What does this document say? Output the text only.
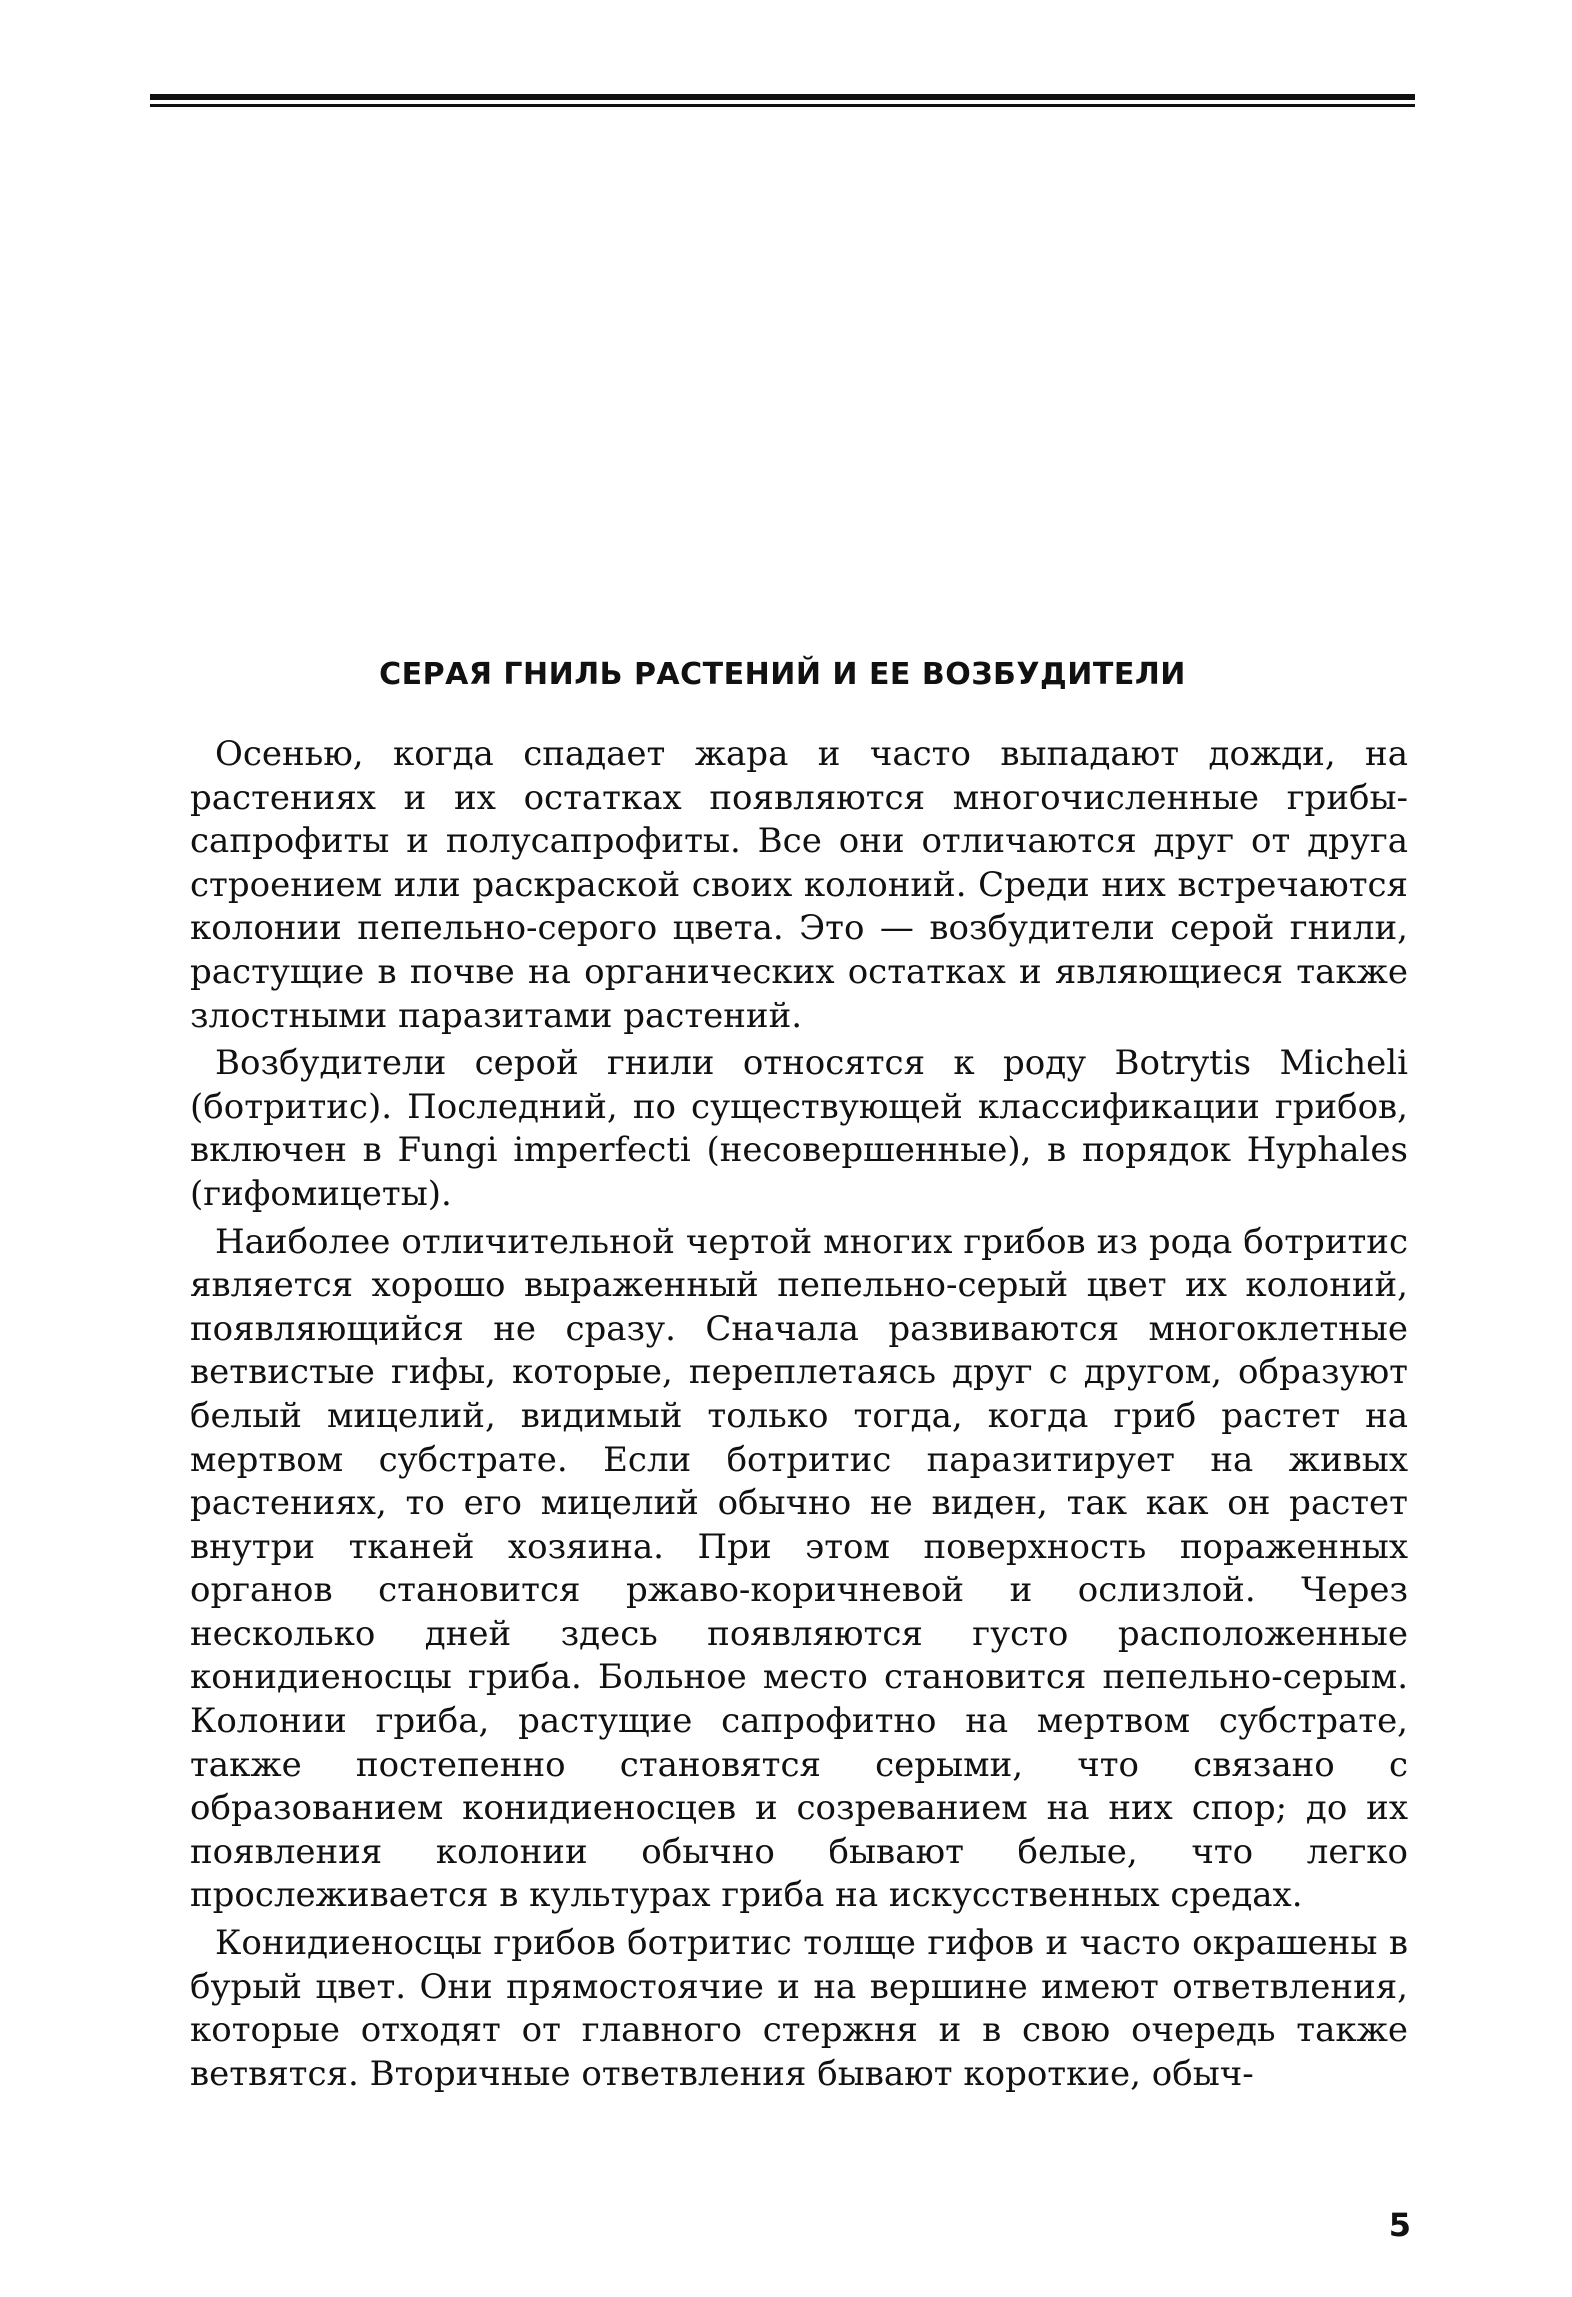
СЕРАЯ ГНИЛЬ РАСТЕНИЙ И ЕЕ ВОЗБУДИТЕЛИ

Осенью, когда спадает жара и часто выпадают дожди, на растениях и их остатках появляются многочисленные грибы-сапрофиты и полусапрофиты. Все они отличаются друг от друга строением или раскраской своих колоний. Среди них встречаются колонии пепельно-серого цвета. Это — возбудители серой гнили, растущие в почве на органических остатках и являющиеся также злостными паразитами растений.

Возбудители серой гнили относятся к роду Botrytis Micheli (ботритис). Последний, по существующей классификации грибов, включен в Fungi imperfecti (несовершенные), в порядок Hyphales (гифомицеты).

Наиболее отличительной чертой многих грибов из рода ботритис является хорошо выраженный пепельно-серый цвет их колоний, появляющийся не сразу. Сначала развиваются многоклетные ветвистые гифы, которые, переплетаясь друг с другом, образуют белый мицелий, видимый только тогда, когда гриб растет на мертвом субстрате. Если ботритис паразитирует на живых растениях, то его мицелий обычно не виден, так как он растет внутри тканей хозяина. При этом поверхность пораженных органов становится ржаво-коричневой и ослизлой. Через несколько дней здесь появляются густо расположенные конидиеносцы гриба. Больное место становится пепельно-серым. Колонии гриба, растущие сапрофитно на мертвом субстрате, также постепенно становятся серыми, что связано с образованием конидиеносцев и созреванием на них спор; до их появления колонии обычно бывают белые, что легко прослеживается в культурах гриба на искусственных средах.

Конидиеносцы грибов ботритис толще гифов и часто окрашены в бурый цвет. Они прямостоячие и на вершине имеют ответвления, которые отходят от главного стержня и в свою очередь также ветвятся. Вторичные ответвления бывают короткие, обыч-

5
